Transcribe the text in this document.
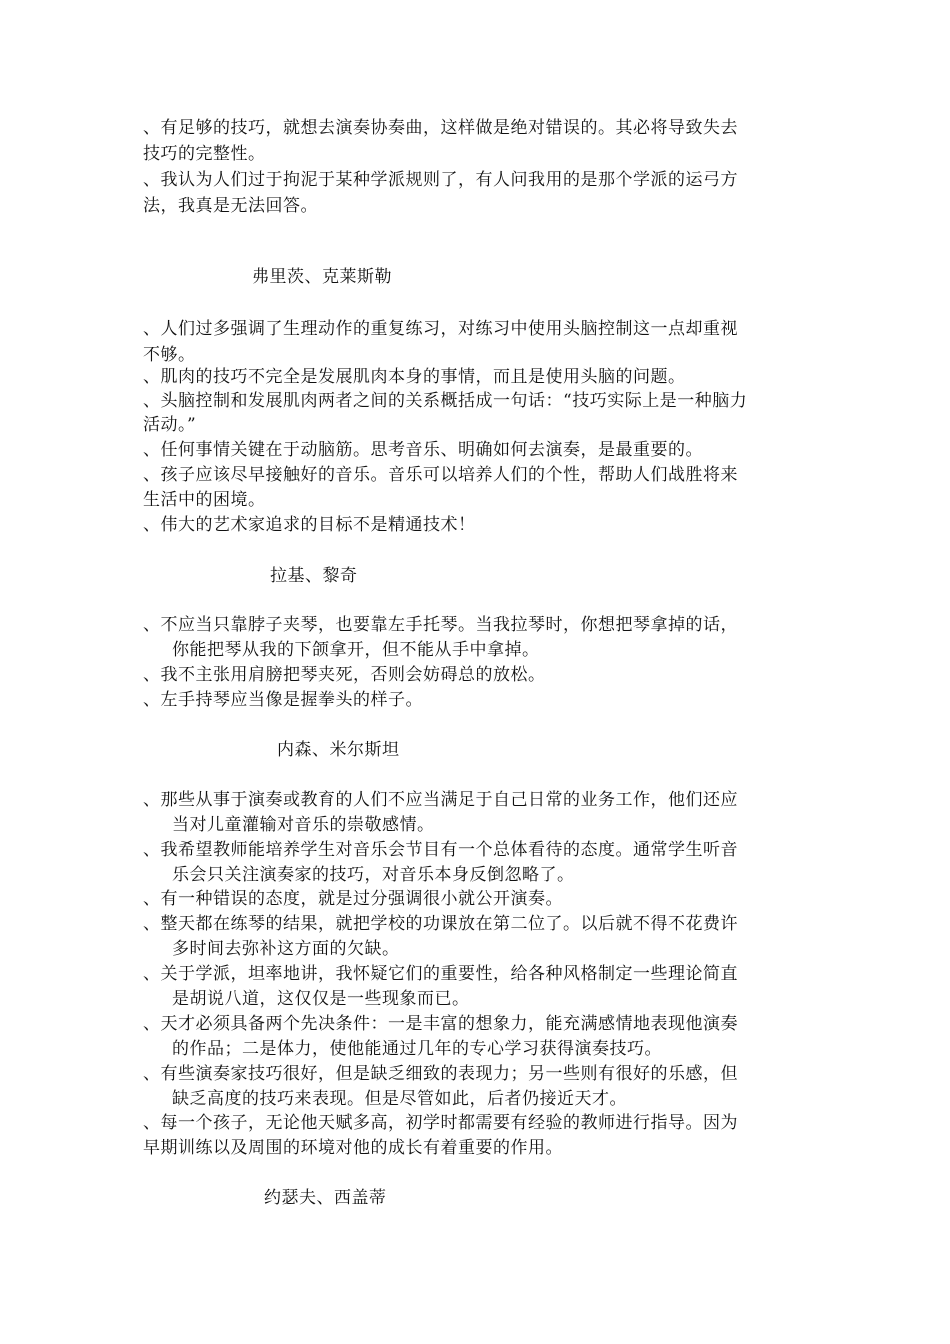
、有足够的技巧，就想去演奏协奏曲，这样做是绝对错误的。其必将导致失去
技巧的完整性。
、我认为人们过于拘泥于某种学派规则了，有人问我用的是那个学派的运弓方
法，我真是无法回答。
弗里茨、克莱斯勒
、人们过多强调了生理动作的重复练习，对练习中使用头脑控制这一点却重视
不够。
、肌肉的技巧不完全是发展肌肉本身的事情，而且是使用头脑的问题。
、头脑控制和发展肌肉两者之间的关系概括成一句话：“技巧实际上是一种脑力
活动。”
、任何事情关键在于动脑筋。思考音乐、明确如何去演奏，是最重要的。
、孩子应该尽早接触好的音乐。音乐可以培养人们的个性，帮助人们战胜将来
生活中的困境。
、伟大的艺术家追求的目标不是精通技术！
拉基、黎奇
、不应当只靠脖子夹琴，也要靠左手托琴。当我拉琴时，你想把琴拿掉的话，
你能把琴从我的下颌拿开，但不能从手中拿掉。
、我不主张用肩膀把琴夹死，否则会妨碍总的放松。
、左手持琴应当像是握拳头的样子。
内森、米尔斯坦
、那些从事于演奏或教育的人们不应当满足于自己日常的业务工作，他们还应
当对儿童灌输对音乐的崇敬感情。
、我希望教师能培养学生对音乐会节目有一个总体看待的态度。通常学生听音
乐会只关注演奏家的技巧，对音乐本身反倒忽略了。
、有一种错误的态度，就是过分强调很小就公开演奏。
、整天都在练琴的结果，就把学校的功课放在第二位了。以后就不得不花费许
多时间去弥补这方面的欠缺。
、关于学派，坦率地讲，我怀疑它们的重要性，给各种风格制定一些理论简直
是胡说八道，这仅仅是一些现象而已。
、天才必须具备两个先决条件：一是丰富的想象力，能充满感情地表现他演奏
的作品；二是体力，使他能通过几年的专心学习获得演奏技巧。
、有些演奏家技巧很好，但是缺乏细致的表现力；另一些则有很好的乐感，但
缺乏高度的技巧来表现。但是尽管如此，后者仍接近天才。
、每一个孩子，无论他天赋多高，初学时都需要有经验的教师进行指导。因为
早期训练以及周围的环境对他的成长有着重要的作用。
约瑟夫、西盖蒂
